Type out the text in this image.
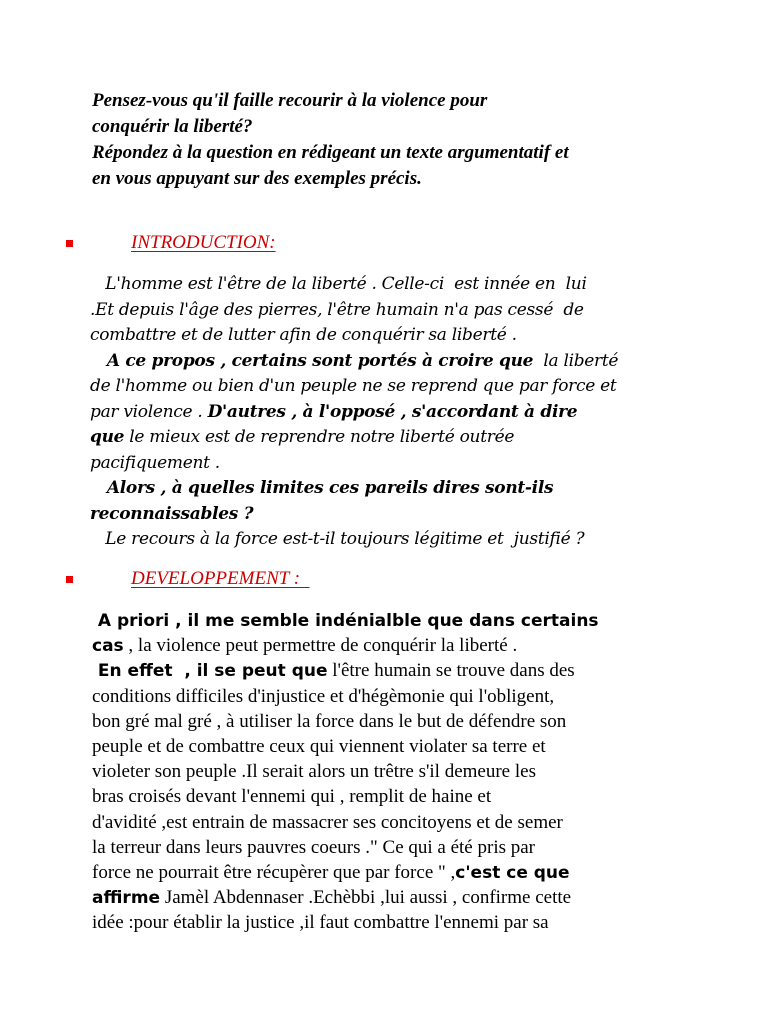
Pensez-vous qu'il faille recourir à la violence pour
conquérir la liberté?
Répondez à la question en rédigeant un texte argumentatif et
en vous appuyant sur des exemples précis.
INTRODUCTION:
L'homme est l'être de la liberté . Celle-ci  est innée en  lui
.Et depuis l'âge des pierres, l'être humain n'a pas cessé  de
combattre et de lutter afin de conquérir sa liberté .
A ce propos , certains sont portés à croire que  la liberté
de l'homme ou bien d'un peuple ne se reprend que par force et
par violence . D'autres , à l'opposé , s'accordant à dire
que le mieux est de reprendre notre liberté outrée
pacifiquement .
Alors , à quelles limites ces pareils dires sont-ils
reconnaissables ?
Le recours à la force est-t-il toujours légitime et  justifié ?
DEVELOPPEMENT :
A priori , il me semble indénialble que dans certains
cas , la violence peut permettre de conquérir la liberté .
En effet  , il se peut que l'être humain se trouve dans des
conditions difficiles d'injustice et d'hégèmonie qui l'obligent,
bon gré mal gré , à utiliser la force dans le but de défendre son
peuple et de combattre ceux qui viennent violater sa terre et
violeter son peuple .Il serait alors un trêtre s'il demeure les
bras croisés devant l'ennemi qui , remplit de haine et
d'avidité ,est entrain de massacrer ses concitoyens et de semer
la terreur dans leurs pauvres coeurs ." Ce qui a été pris par
force ne pourrait être récupèrer que par force " ,c'est ce que
affirme Jamèl Abdennaser .Echèbbi ,lui aussi , confirme cette
idée :pour établir la justice ,il faut combattre l'ennemi par sa
